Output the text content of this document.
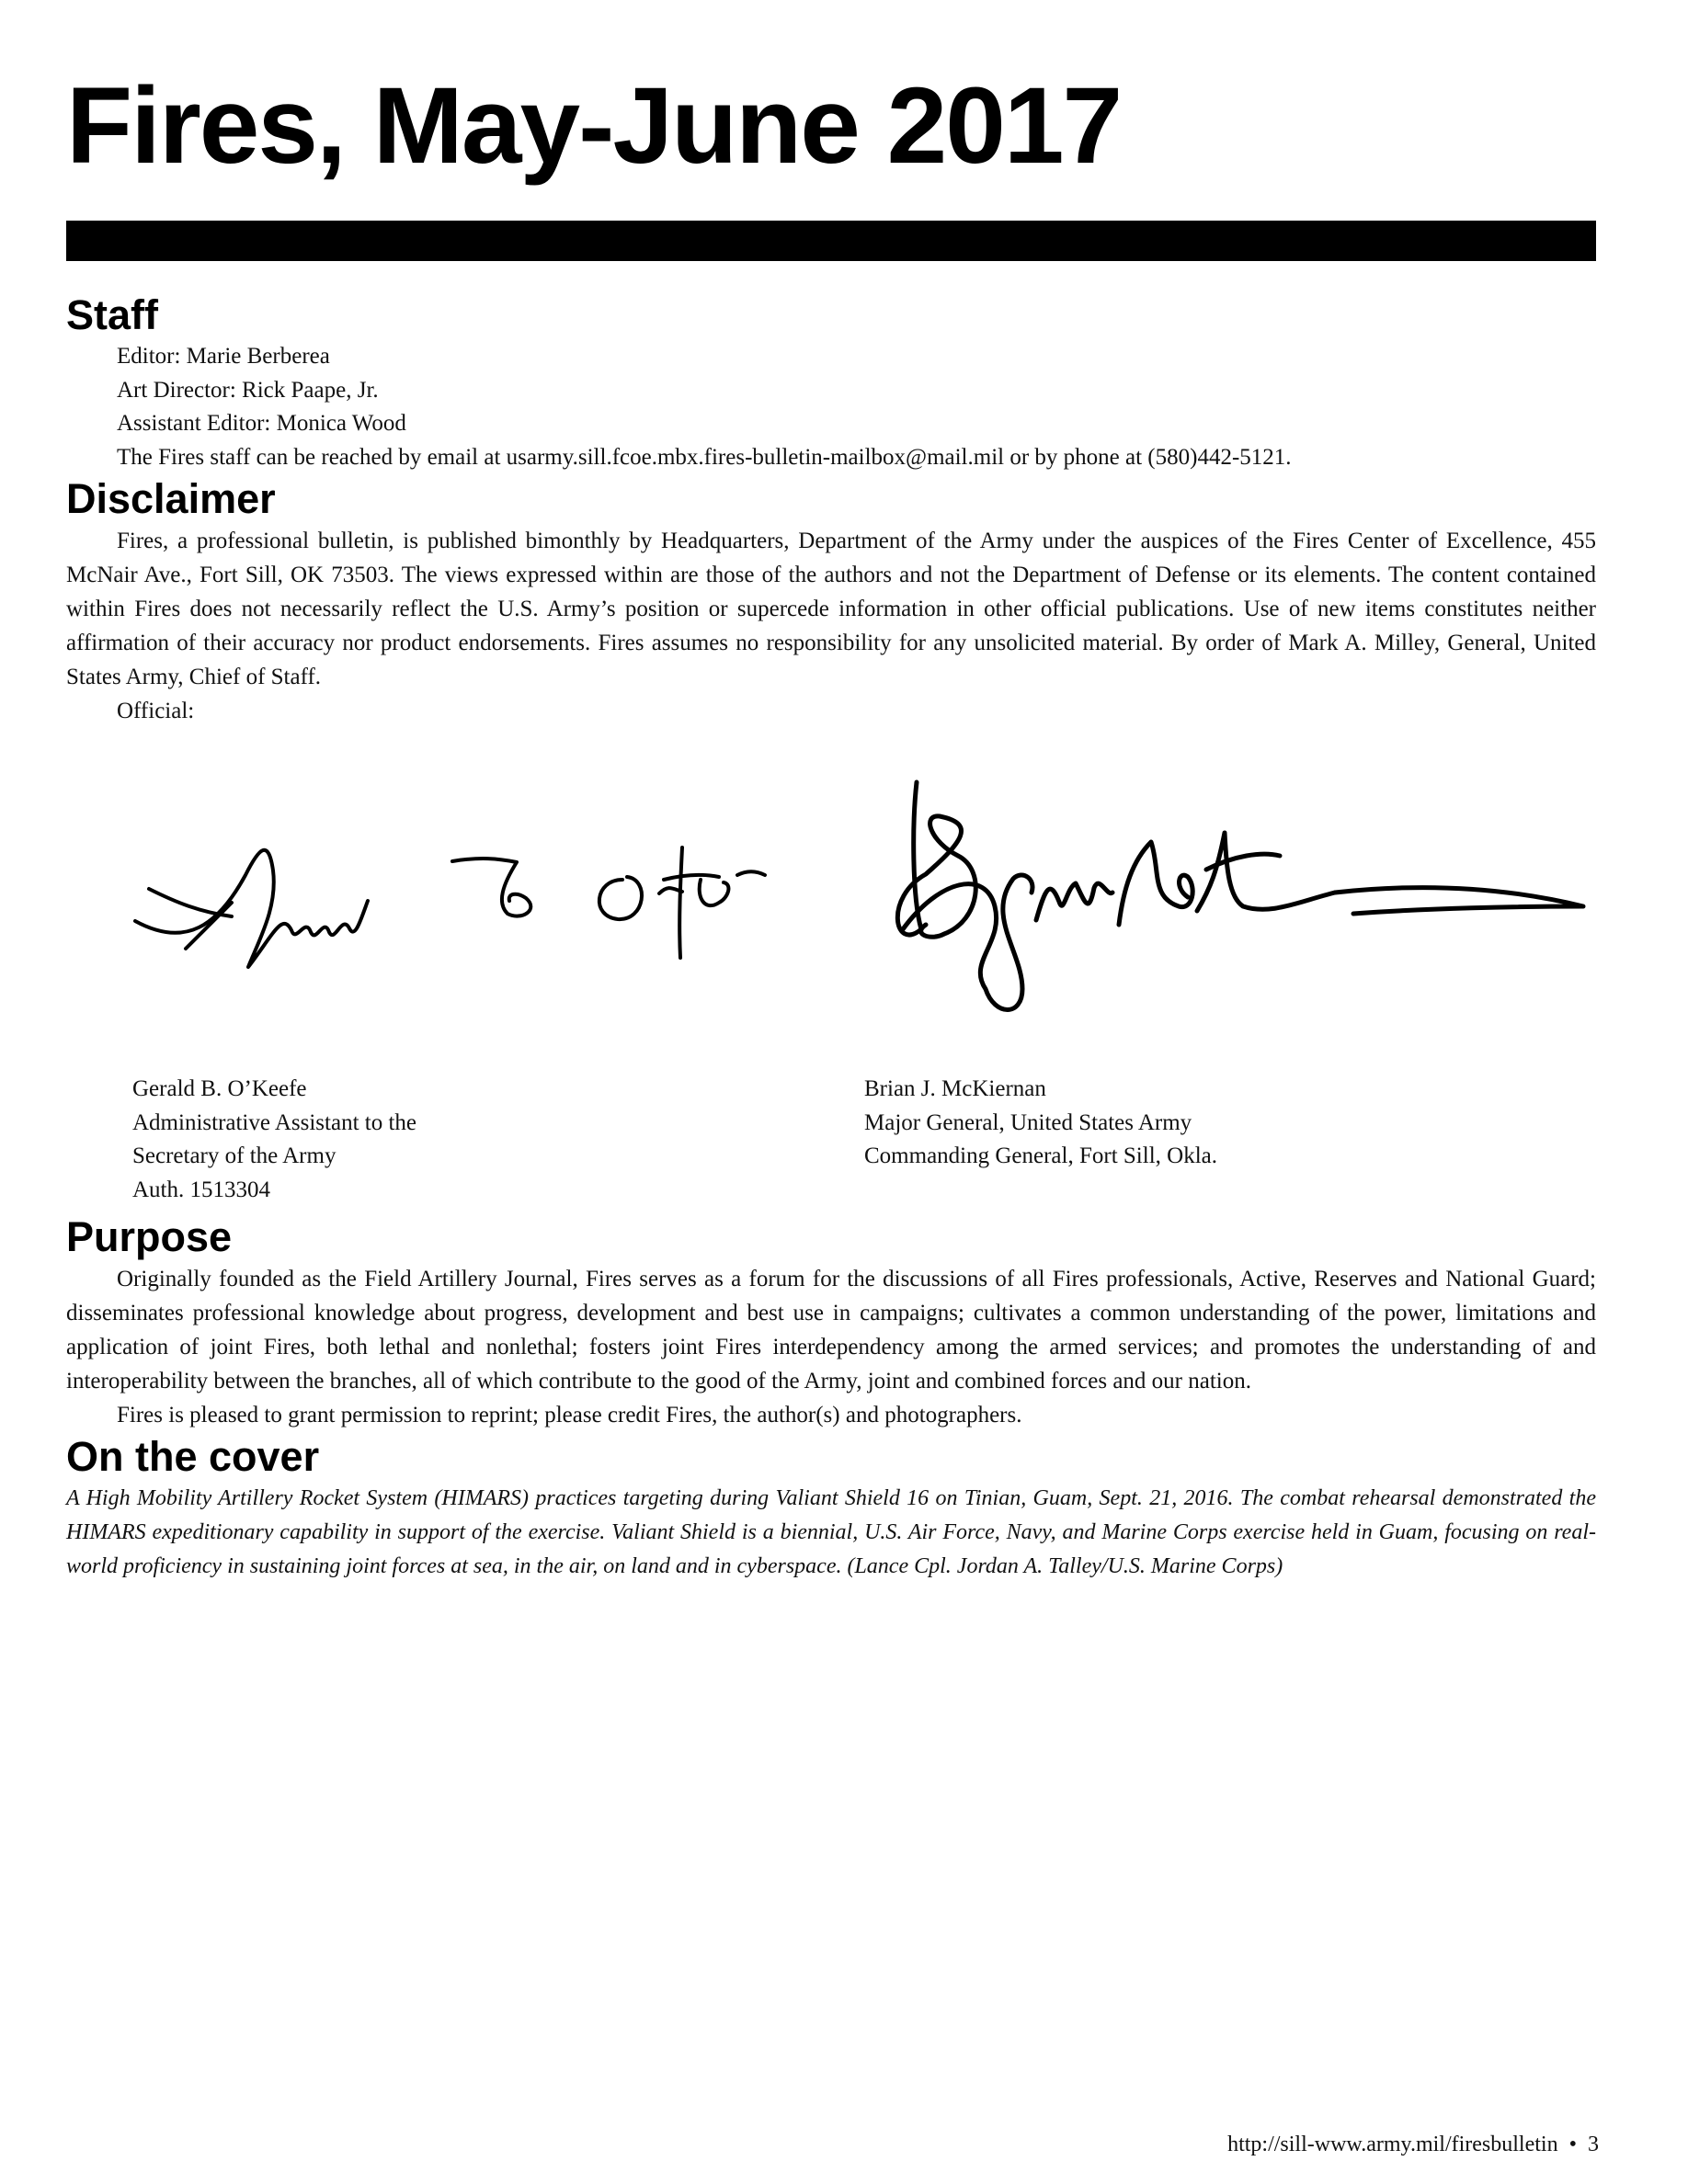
Fires, May-June 2017
Staff
Editor: Marie Berberea
Art Director: Rick Paape, Jr.
Assistant Editor: Monica Wood
The Fires staff can be reached by email at usarmy.sill.fcoe.mbx.fires-bulletin-mailbox@mail.mil or by phone at (580)442-5121.
Disclaimer

Fires, a professional bulletin, is published bimonthly by Headquarters, Department of the Army under the auspices of the Fires Center of Excellence, 455 McNair Ave., Fort Sill, OK 73503. The views expressed within are those of the authors and not the Department of Defense or its elements. The content contained within Fires does not necessarily reflect the U.S. Army’s position or supercede information in other official publications. Use of new items constitutes neither affirmation of their accuracy nor product endorsements. Fires assumes no responsibility for any unsolicited material. By order of Mark A. Milley, General, United States Army, Chief of Staff.

Official:
Gerald B. O’Keefe
Administrative Assistant to the
Secretary of the Army
Auth. 1513304
Brian J. McKiernan
Major General, United States Army
Commanding General, Fort Sill, Okla.
Purpose

Originally founded as the Field Artillery Journal, Fires serves as a forum for the discussions of all Fires professionals, Active, Reserves and National Guard; disseminates professional knowledge about progress, development and best use in campaigns; cultivates a common understanding of the power, limitations and application of joint Fires, both lethal and nonlethal; fosters joint Fires interdependency among the armed services; and promotes the understanding of and interoperability between the branches, all of which contribute to the good of the Army, joint and combined forces and our nation.

Fires is pleased to grant permission to reprint; please credit Fires, the author(s) and photographers.

On the cover

A High Mobility Artillery Rocket System (HIMARS) practices targeting during Valiant Shield 16 on Tinian, Guam, Sept. 21, 2016. The combat rehearsal demonstrated the HIMARS expeditionary capability in support of the exercise. Valiant Shield is a biennial, U.S. Air Force, Navy, and Marine Corps exercise held in Guam, focusing on real-world proficiency in sustaining joint forces at sea, in the air, on land and in cyberspace. (Lance Cpl. Jordan A. Talley/U.S. Marine Corps)

http://sill-www.army.mil/firesbulletin • 3
